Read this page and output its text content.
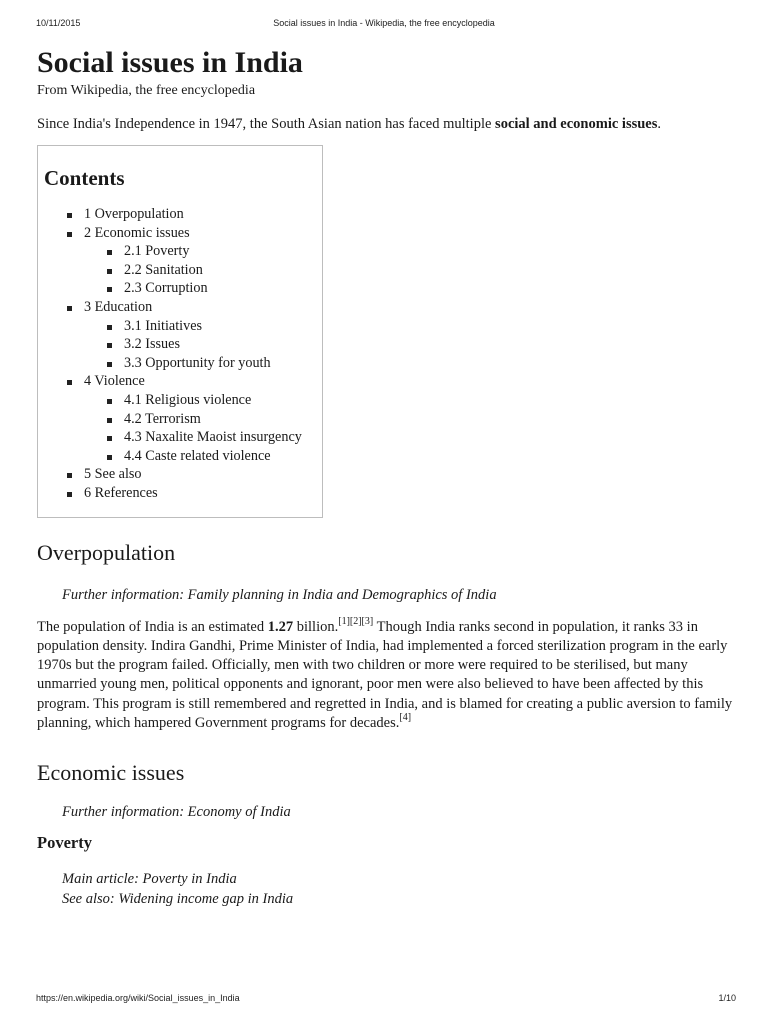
10/11/2015	Social issues in India - Wikipedia, the free encyclopedia
Social issues in India
From Wikipedia, the free encyclopedia
Since India's Independence in 1947, the South Asian nation has faced multiple social and economic issues.
Contents
1 Overpopulation
2 Economic issues
2.1 Poverty
2.2 Sanitation
2.3 Corruption
3 Education
3.1 Initiatives
3.2 Issues
3.3 Opportunity for youth
4 Violence
4.1 Religious violence
4.2 Terrorism
4.3 Naxalite Maoist insurgency
4.4 Caste related violence
5 See also
6 References
Overpopulation
Further information: Family planning in India and Demographics of India

The population of India is an estimated 1.27 billion.[1][2][3] Though India ranks second in population, it ranks 33 in population density. Indira Gandhi, Prime Minister of India, had implemented a forced sterilization program in the early 1970s but the program failed. Officially, men with two children or more were required to be sterilised, but many unmarried young men, political opponents and ignorant, poor men were also believed to have been affected by this program. This program is still remembered and regretted in India, and is blamed for creating a public aversion to family planning, which hampered Government programs for decades.[4]

Economic issues
Further information: Economy of India
Poverty
Main article: Poverty in India
See also: Widening income gap in India
https://en.wikipedia.org/wiki/Social_issues_in_India	1/10
